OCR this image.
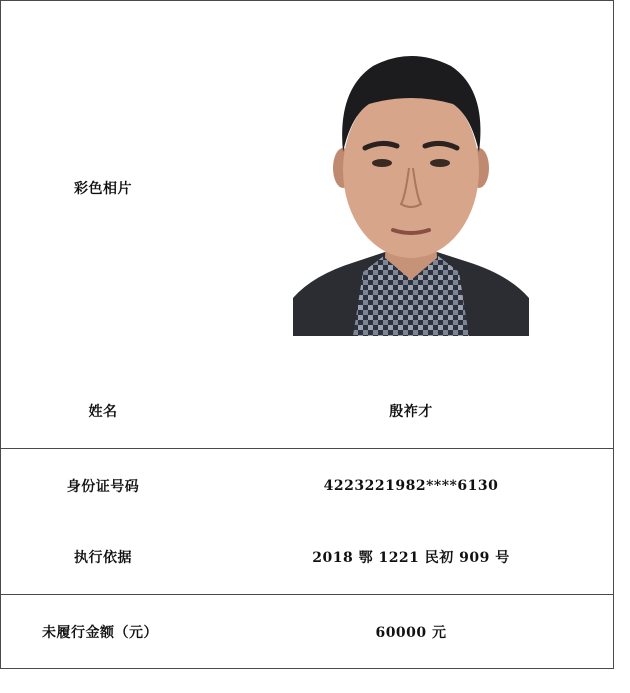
彩色相片
姓名	殷祚才
身份证号码	4223221982****6130
执行依据	2018 鄂 1221 民初 909 号
未履行金额（元）	60000 元
